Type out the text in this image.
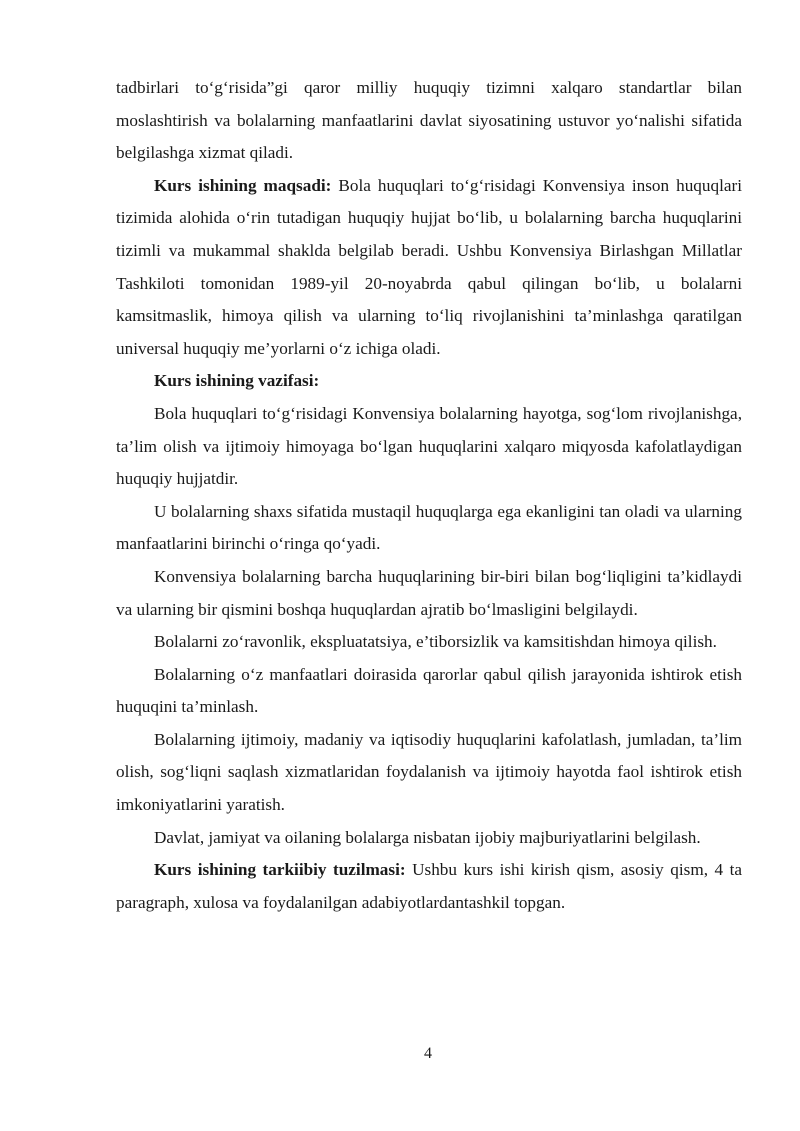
tadbirlari to‘g‘risida”gi qaror milliy huquqiy tizimni xalqaro standartlar bilan moslashtirish va bolalarning manfaatlarini davlat siyosatining ustuvor yo‘nalishi sifatida belgilashga xizmat qiladi.

Kurs ishining maqsadi: Bola huquqlari to‘g‘risidagi Konvensiya inson huquqlari tizimida alohida o‘rin tutadigan huquqiy hujjat bo‘lib, u bolalarning barcha huquqlarini tizimli va mukammal shaklda belgilab beradi. Ushbu Konvensiya Birlashgan Millatlar Tashkiloti tomonidan 1989-yil 20-noyabrda qabul qilingan bo‘lib, u bolalarni kamsitmaslik, himoya qilish va ularning to‘liq rivojlanishini ta’minlashga qaratilgan universal huquqiy me’yorlarni o‘z ichiga oladi.

Kurs ishining vazifasi:

Bola huquqlari to‘g‘risidagi Konvensiya bolalarning hayotga, sog‘lom rivojlanishga, ta’lim olish va ijtimoiy himoyaga bo‘lgan huquqlarini xalqaro miqyosda kafolatlaydigan huquqiy hujjatdir.

U bolalarning shaxs sifatida mustaqil huquqlarga ega ekanligini tan oladi va ularning manfaatlarini birinchi o‘ringa qo‘yadi.

Konvensiya bolalarning barcha huquqlarining bir-biri bilan bog‘liqligini ta’kidlaydi va ularning bir qismini boshqa huquqlardan ajratib bo‘lmasligini belgilaydi.

Bolalarni zo‘ravonlik, ekspluatatsiya, e’tiborsizlik va kamsitishdan himoya qilish.

Bolalarning o‘z manfaatlari doirasida qarorlar qabul qilish jarayonida ishtirok etish huquqini ta’minlash.

Bolalarning ijtimoiy, madaniy va iqtisodiy huquqlarini kafolatlash, jumladan, ta’lim olish, sog‘liqni saqlash xizmatlaridan foydalanish va ijtimoiy hayotda faol ishtirok etish imkoniyatlarini yaratish.

Davlat, jamiyat va oilaning bolalarga nisbatan ijobiy majburiyatlarini belgilash.

Kurs ishining tarkiibiy tuzilmasi: Ushbu kurs ishi kirish qism, asosiy qism, 4 ta paragraph, xulosa va foydalanilgan adabiyotlardantashkil topgan.

4
